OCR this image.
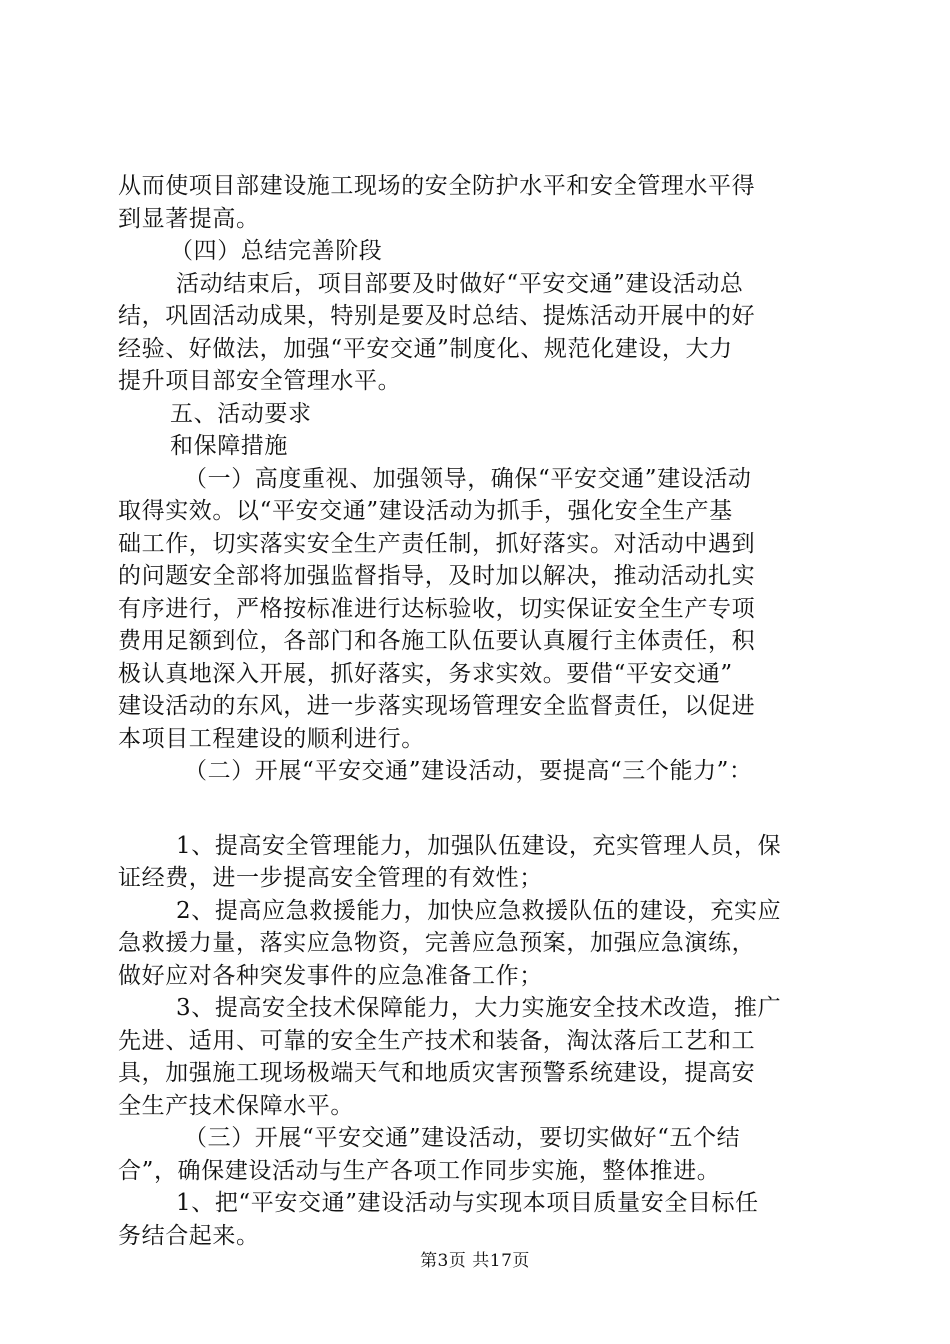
从而使项目部建设施工现场的安全防护水平和安全管理水平得
到显著提高。
（四）总结完善阶段
活动结束后，项目部要及时做好“平安交通”建设活动总
结，巩固活动成果，特别是要及时总结、提炼活动开展中的好
经验、好做法，加强“平安交通”制度化、规范化建设，大力
提升项目部安全管理水平。
五、活动要求
和保障措施
（一）高度重视、加强领导，确保“平安交通”建设活动
取得实效。以“平安交通”建设活动为抓手，强化安全生产基
础工作，切实落实安全生产责任制，抓好落实。对活动中遇到
的问题安全部将加强监督指导，及时加以解决，推动活动扎实
有序进行，严格按标准进行达标验收，切实保证安全生产专项
费用足额到位，各部门和各施工队伍要认真履行主体责任，积
极认真地深入开展，抓好落实，务求实效。要借“平安交通”
建设活动的东风，进一步落实现场管理安全监督责任，以促进
本项目工程建设的顺利进行。
（二）开展“平安交通”建设活动，要提高“三个能力”：
1、提高安全管理能力，加强队伍建设，充实管理人员，保
证经费，进一步提高安全管理的有效性；
2、提高应急救援能力，加快应急救援队伍的建设，充实应
急救援力量，落实应急物资，完善应急预案，加强应急演练，
做好应对各种突发事件的应急准备工作；
3、提高安全技术保障能力，大力实施安全技术改造，推广
先进、适用、可靠的安全生产技术和装备，淘汰落后工艺和工
具，加强施工现场极端天气和地质灾害预警系统建设，提高安
全生产技术保障水平。
（三）开展“平安交通”建设活动，要切实做好“五个结
合”，确保建设活动与生产各项工作同步实施，整体推进。
1、把“平安交通”建设活动与实现本项目质量安全目标任
务结合起来。
第3页 共17页
